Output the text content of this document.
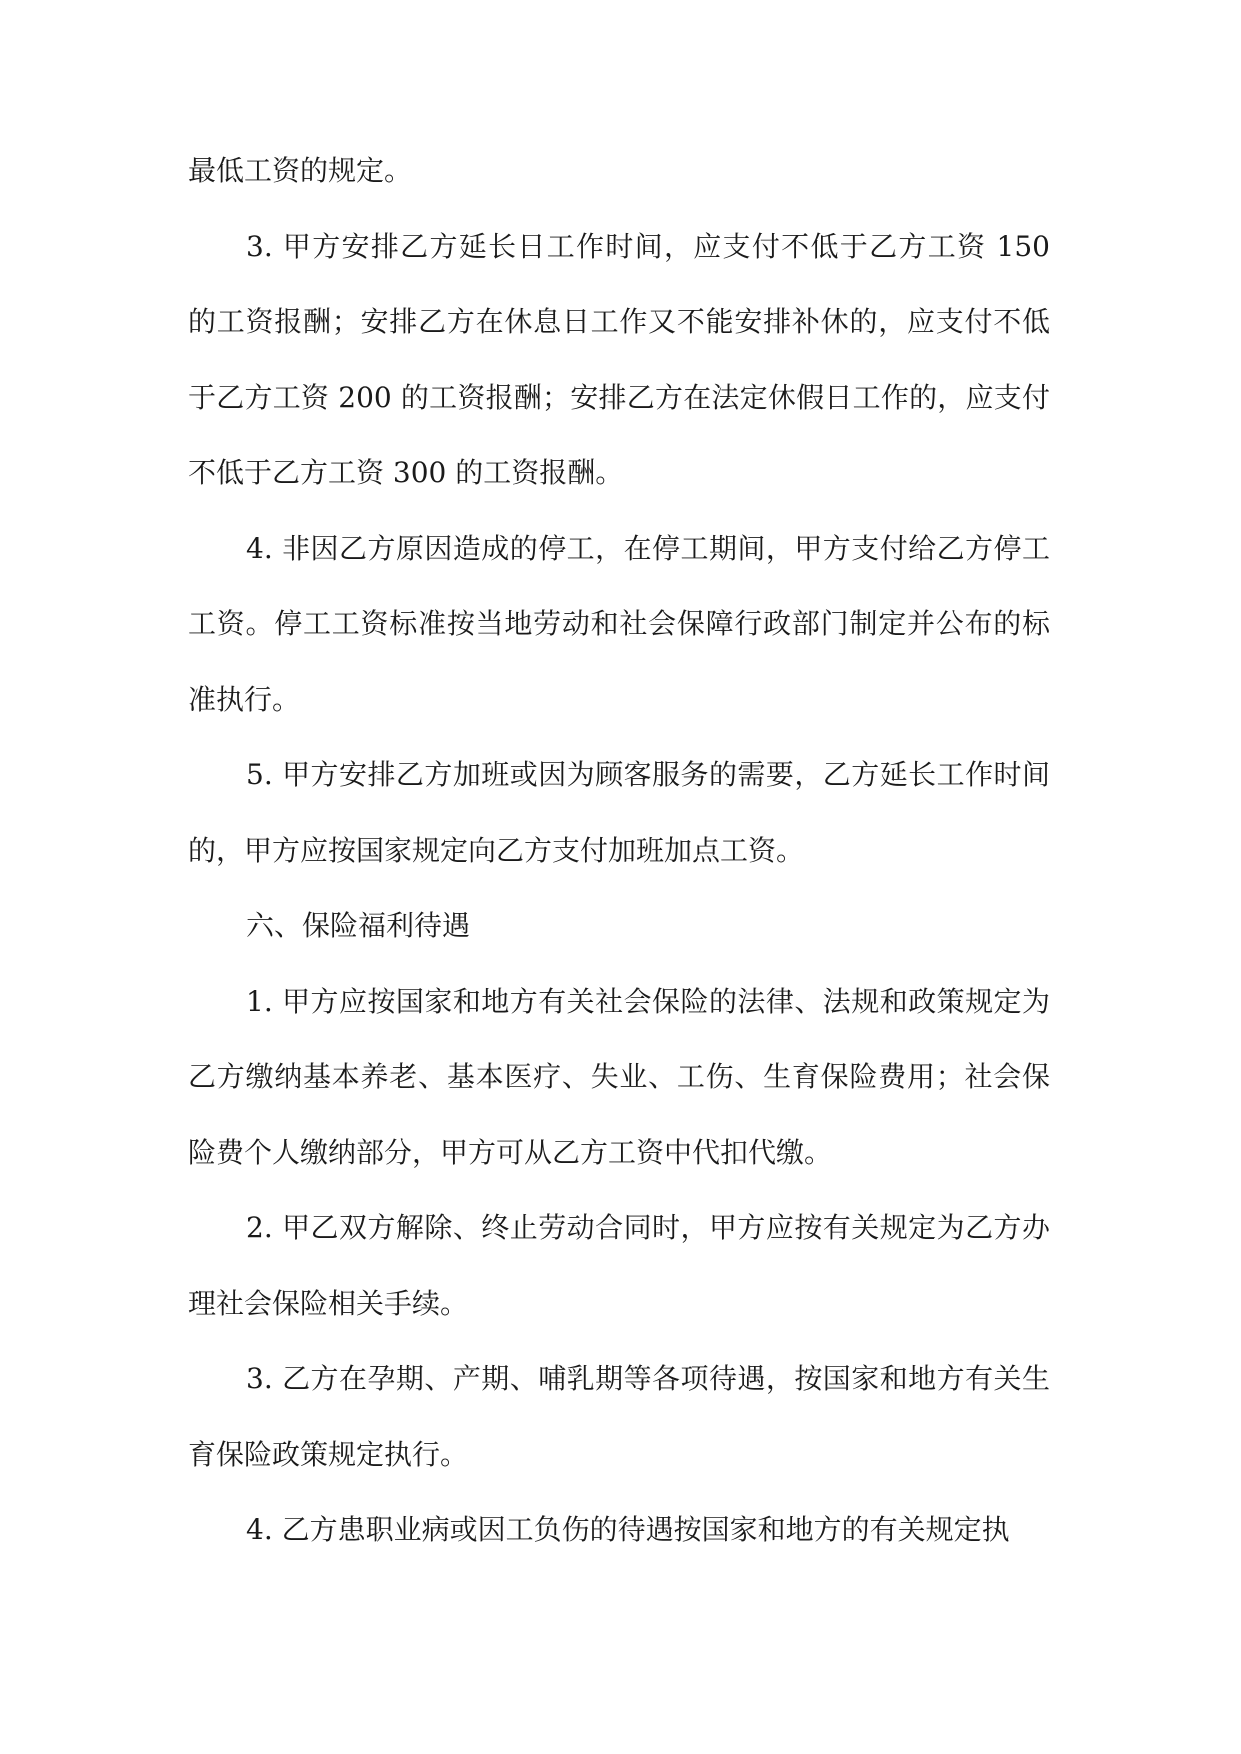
最低工资的规定。

3. 甲方安排乙方延长日工作时间，应支付不低于乙方工资 150 的工资报酬；安排乙方在休息日工作又不能安排补休的，应支付不低于乙方工资 200 的工资报酬；安排乙方在法定休假日工作的，应支付不低于乙方工资 300 的工资报酬。

4. 非因乙方原因造成的停工，在停工期间，甲方支付给乙方停工工资。停工工资标准按当地劳动和社会保障行政部门制定并公布的标准执行。

5. 甲方安排乙方加班或因为顾客服务的需要，乙方延长工作时间的，甲方应按国家规定向乙方支付加班加点工资。

六、保险福利待遇

1. 甲方应按国家和地方有关社会保险的法律、法规和政策规定为乙方缴纳基本养老、基本医疗、失业、工伤、生育保险费用；社会保险费个人缴纳部分，甲方可从乙方工资中代扣代缴。

2. 甲乙双方解除、终止劳动合同时，甲方应按有关规定为乙方办理社会保险相关手续。

3. 乙方在孕期、产期、哺乳期等各项待遇，按国家和地方有关生育保险政策规定执行。

4. 乙方患职业病或因工负伤的待遇按国家和地方的有关规定执
